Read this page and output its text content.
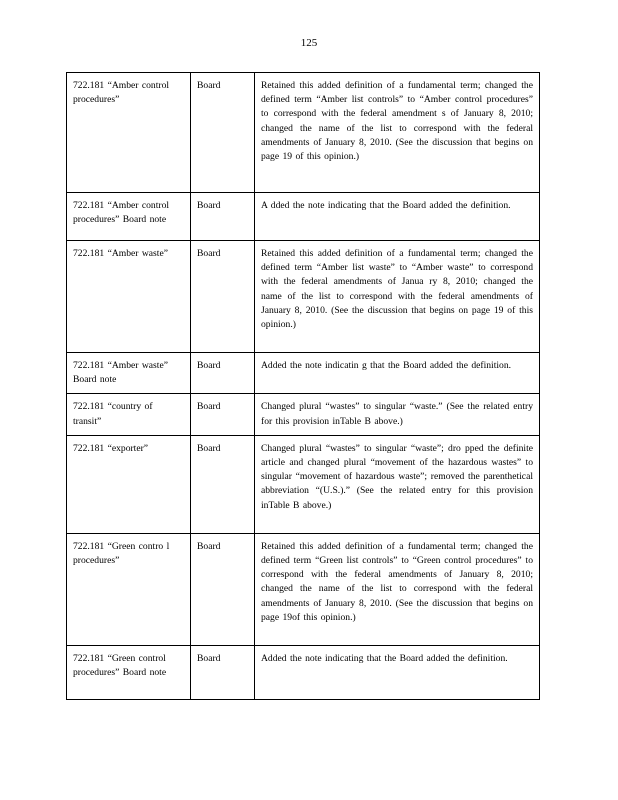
125
722.181 “Amber control procedures”	Board	Retained this added definition of a fundamental term; changed the defined term “Amber list controls” to “Amber control procedures” to correspond with the federal amendment s of January 8, 2010; changed the name of the list to correspond with the federal amendments of January 8, 2010. (See the discussion that begins on page 19 of this opinion.)
722.181 “Amber control procedures” Board note	Board	A dded the note indicating that the Board added the definition.
722.181 “Amber waste”	Board	Retained this added definition of a fundamental term; changed the defined term “Amber list waste” to “Amber waste” to correspond with the federal amendments of Janua ry 8, 2010; changed the name of the list to correspond with the federal amendments of January 8, 2010. (See the discussion that begins on page 19 of this opinion.)
722.181 “Amber waste” Board note	Board	Added the note indicatin g that the Board added the definition.
722.181 “country of transit”	Board	Changed plural “wastes” to singular “waste.” (See the related entry for this provision inTable B above.)
722.181 “exporter”	Board	Changed plural “wastes” to singular “waste”; dro pped the definite article and changed plural “movement of the hazardous wastes” to singular “movement of hazardous waste”; removed the parenthetical abbreviation “(U.S.).” (See the related entry for this provision inTable B above.)
722.181 “Green contro l procedures”	Board	Retained this added definition of a fundamental term; changed the defined term “Green list controls” to “Green control procedures” to correspond with the federal amendments of January 8, 2010; changed the name of the list to correspond with the federal amendments of January 8, 2010. (See the discussion that begins on page 19of this opinion.)
722.181 “Green control procedures” Board note	Board	Added the note indicating that the Board added the definition.
